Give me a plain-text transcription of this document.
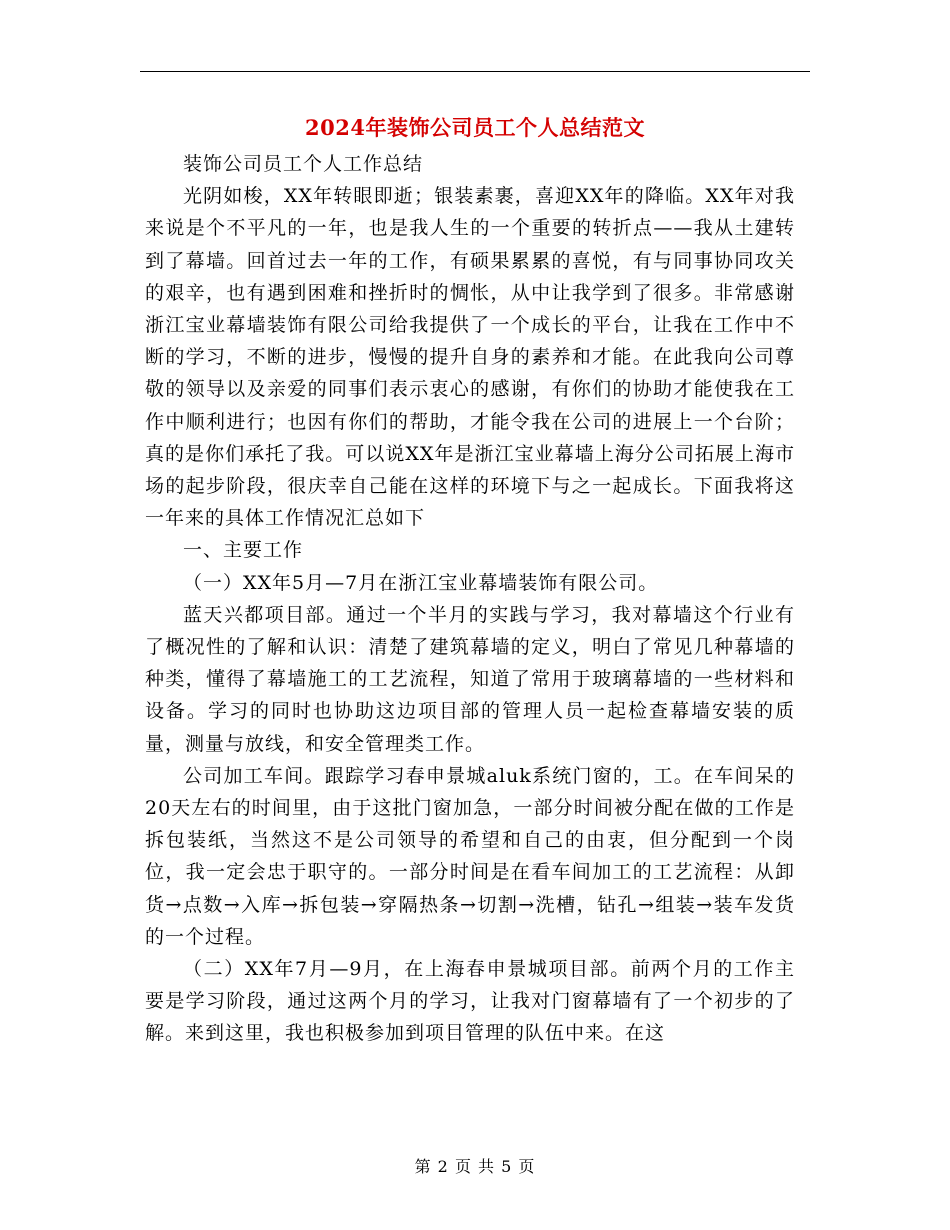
2024年装饰公司员工个人总结范文

装饰公司员工个人工作总结

光阴如梭，XX年转眼即逝；银装素裹，喜迎XX年的降临。XX年对我来说是个不平凡的一年，也是我人生的一个重要的转折点——我从土建转到了幕墙。回首过去一年的工作，有硕果累累的喜悦，有与同事协同攻关的艰辛，也有遇到困难和挫折时的惆怅，从中让我学到了很多。非常感谢浙江宝业幕墙装饰有限公司给我提供了一个成长的平台，让我在工作中不断的学习，不断的进步，慢慢的提升自身的素养和才能。在此我向公司尊敬的领导以及亲爱的同事们表示衷心的感谢，有你们的协助才能使我在工作中顺利进行；也因有你们的帮助，才能令我在公司的进展上一个台阶；真的是你们承托了我。可以说XX年是浙江宝业幕墙上海分公司拓展上海市场的起步阶段，很庆幸自己能在这样的环境下与之一起成长。下面我将这一年来的具体工作情况汇总如下

一、主要工作

（一）XX年5月—7月在浙江宝业幕墙装饰有限公司。

蓝天兴都项目部。通过一个半月的实践与学习，我对幕墙这个行业有了概况性的了解和认识：清楚了建筑幕墙的定义，明白了常见几种幕墙的种类，懂得了幕墙施工的工艺流程，知道了常用于玻璃幕墙的一些材料和设备。学习的同时也协助这边项目部的管理人员一起检查幕墙安装的质量，测量与放线，和安全管理类工作。

公司加工车间。跟踪学习春申景城aluk系统门窗的，工。在车间呆的20天左右的时间里，由于这批门窗加急，一部分时间被分配在做的工作是拆包装纸，当然这不是公司领导的希望和自己的由衷，但分配到一个岗位，我一定会忠于职守的。一部分时间是在看车间加工的工艺流程：从卸货→点数→入库→拆包装→穿隔热条→切割→洗槽，钻孔→组装→装车发货的一个过程。

（二）XX年7月—9月，在上海春申景城项目部。前两个月的工作主要是学习阶段，通过这两个月的学习，让我对门窗幕墙有了一个初步的了解。来到这里，我也积极参加到项目管理的队伍中来。在这

第 2 页 共 5 页
